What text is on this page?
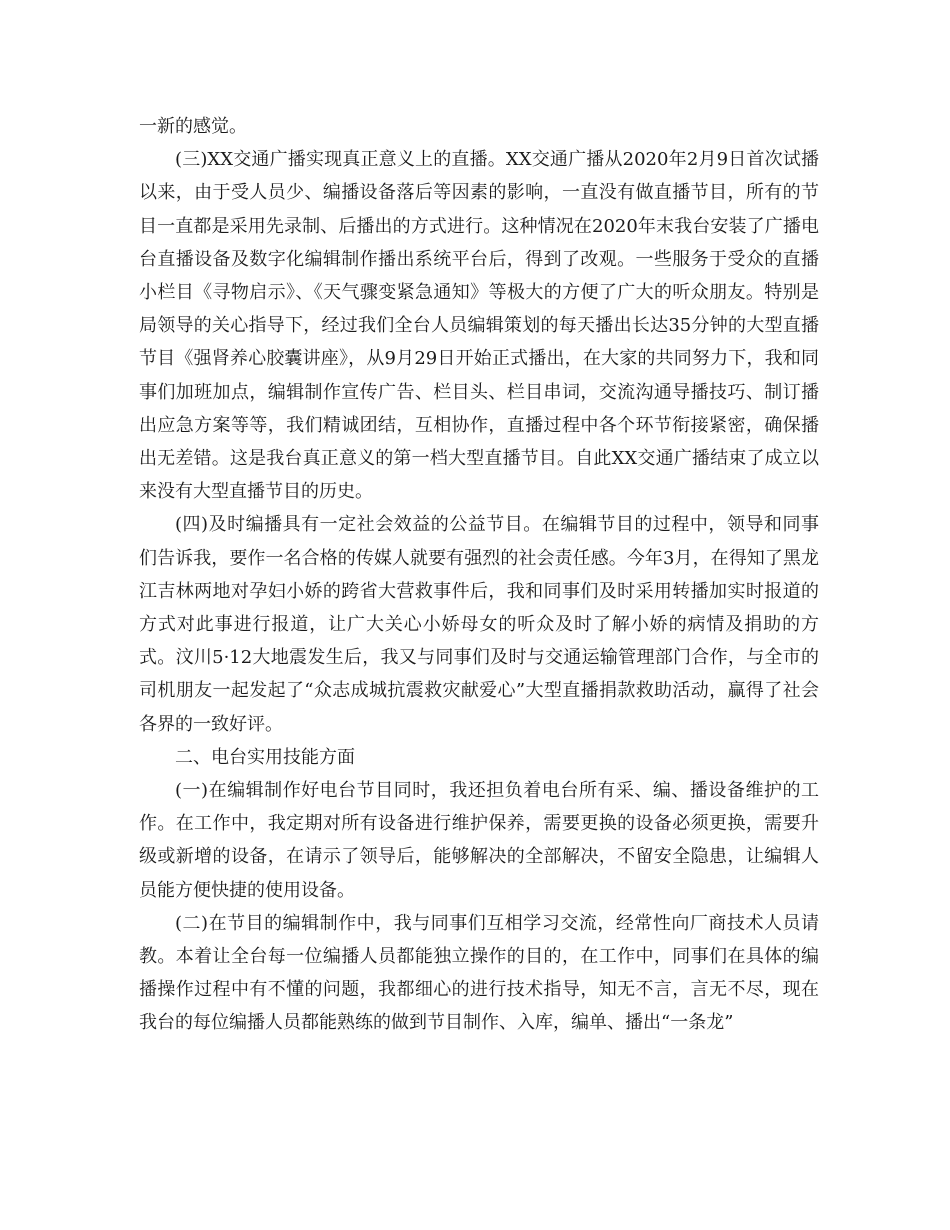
一新的感觉。

(三)XX交通广播实现真正意义上的直播。XX交通广播从2020年2月9日首次试播以来，由于受人员少、编播设备落后等因素的影响，一直没有做直播节目，所有的节目一直都是采用先录制、后播出的方式进行。这种情况在2020年末我台安装了广播电台直播设备及数字化编辑制作播出系统平台后，得到了改观。一些服务于受众的直播小栏目《寻物启示》、《天气骤变紧急通知》等极大的方便了广大的听众朋友。特别是局领导的关心指导下，经过我们全台人员编辑策划的每天播出长达35分钟的大型直播节目《强肾养心胶囊讲座》，从9月29日开始正式播出，在大家的共同努力下，我和同事们加班加点，编辑制作宣传广告、栏目头、栏目串词，交流沟通导播技巧、制订播出应急方案等等，我们精诚团结，互相协作，直播过程中各个环节衔接紧密，确保播出无差错。这是我台真正意义的第一档大型直播节目。自此XX交通广播结束了成立以来没有大型直播节目的历史。

(四)及时编播具有一定社会效益的公益节目。在编辑节目的过程中，领导和同事们告诉我，要作一名合格的传媒人就要有强烈的社会责任感。今年3月，在得知了黑龙江吉林两地对孕妇小娇的跨省大营救事件后，我和同事们及时采用转播加实时报道的方式对此事进行报道，让广大关心小娇母女的听众及时了解小娇的病情及捐助的方式。汶川5·12大地震发生后，我又与同事们及时与交通运输管理部门合作，与全市的司机朋友一起发起了“众志成城抗震救灾献爱心”大型直播捐款救助活动，赢得了社会各界的一致好评。

二、电台实用技能方面

(一)在编辑制作好电台节目同时，我还担负着电台所有采、编、播设备维护的工作。在工作中，我定期对所有设备进行维护保养，需要更换的设备必须更换，需要升级或新增的设备，在请示了领导后，能够解决的全部解决，不留安全隐患，让编辑人员能方便快捷的使用设备。

(二)在节目的编辑制作中，我与同事们互相学习交流，经常性向厂商技术人员请教。本着让全台每一位编播人员都能独立操作的目的，在工作中，同事们在具体的编播操作过程中有不懂的问题，我都细心的进行技术指导，知无不言，言无不尽，现在我台的每位编播人员都能熟练的做到节目制作、入库，编单、播出“一条龙”
